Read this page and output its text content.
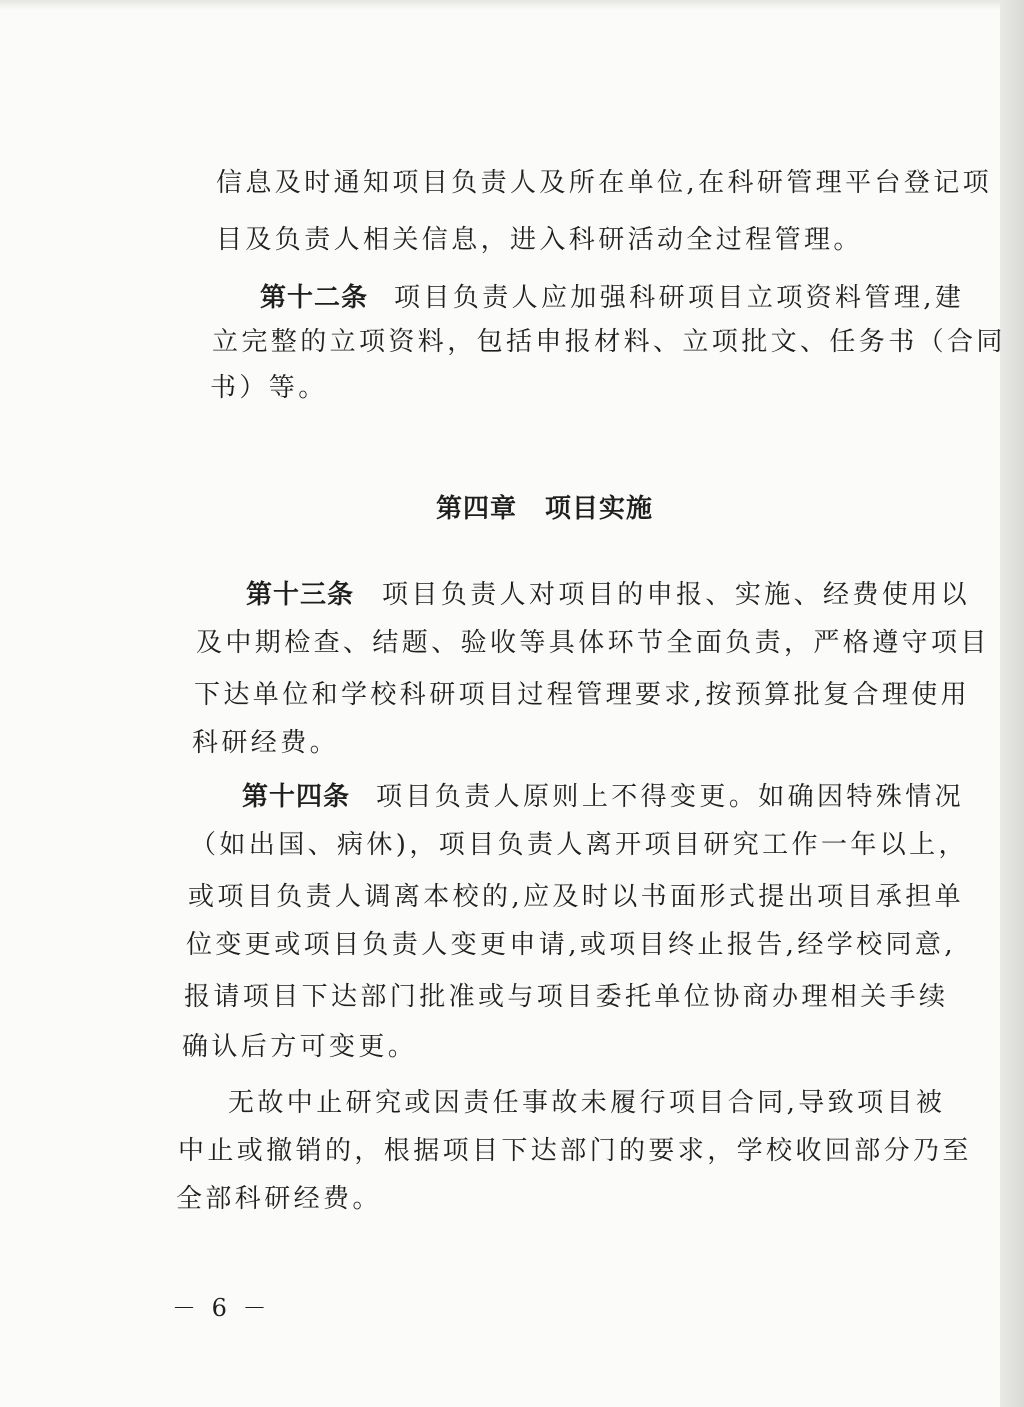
信息及时通知项目负责人及所在单位,在科研管理平台登记项
目及负责人相关信息，进入科研活动全过程管理。
第十二条 项目负责人应加强科研项目立项资料管理,建
立完整的立项资料，包括申报材料、立项批文、任务书（合同
书）等。
第四章 项目实施
第十三条 项目负责人对项目的申报、实施、经费使用以
及中期检查、结题、验收等具体环节全面负责，严格遵守项目
下达单位和学校科研项目过程管理要求,按预算批复合理使用
科研经费。
第十四条 项目负责人原则上不得变更。如确因特殊情况
（如出国、病休)，项目负责人离开项目研究工作一年以上，
或项目负责人调离本校的,应及时以书面形式提出项目承担单
位变更或项目负责人变更申请,或项目终止报告,经学校同意,
报请项目下达部门批准或与项目委托单位协商办理相关手续
确认后方可变更。
无故中止研究或因责任事故未履行项目合同,导致项目被
中止或撤销的，根据项目下达部门的要求，学校收回部分乃至
全部科研经费。
－ 6 －
